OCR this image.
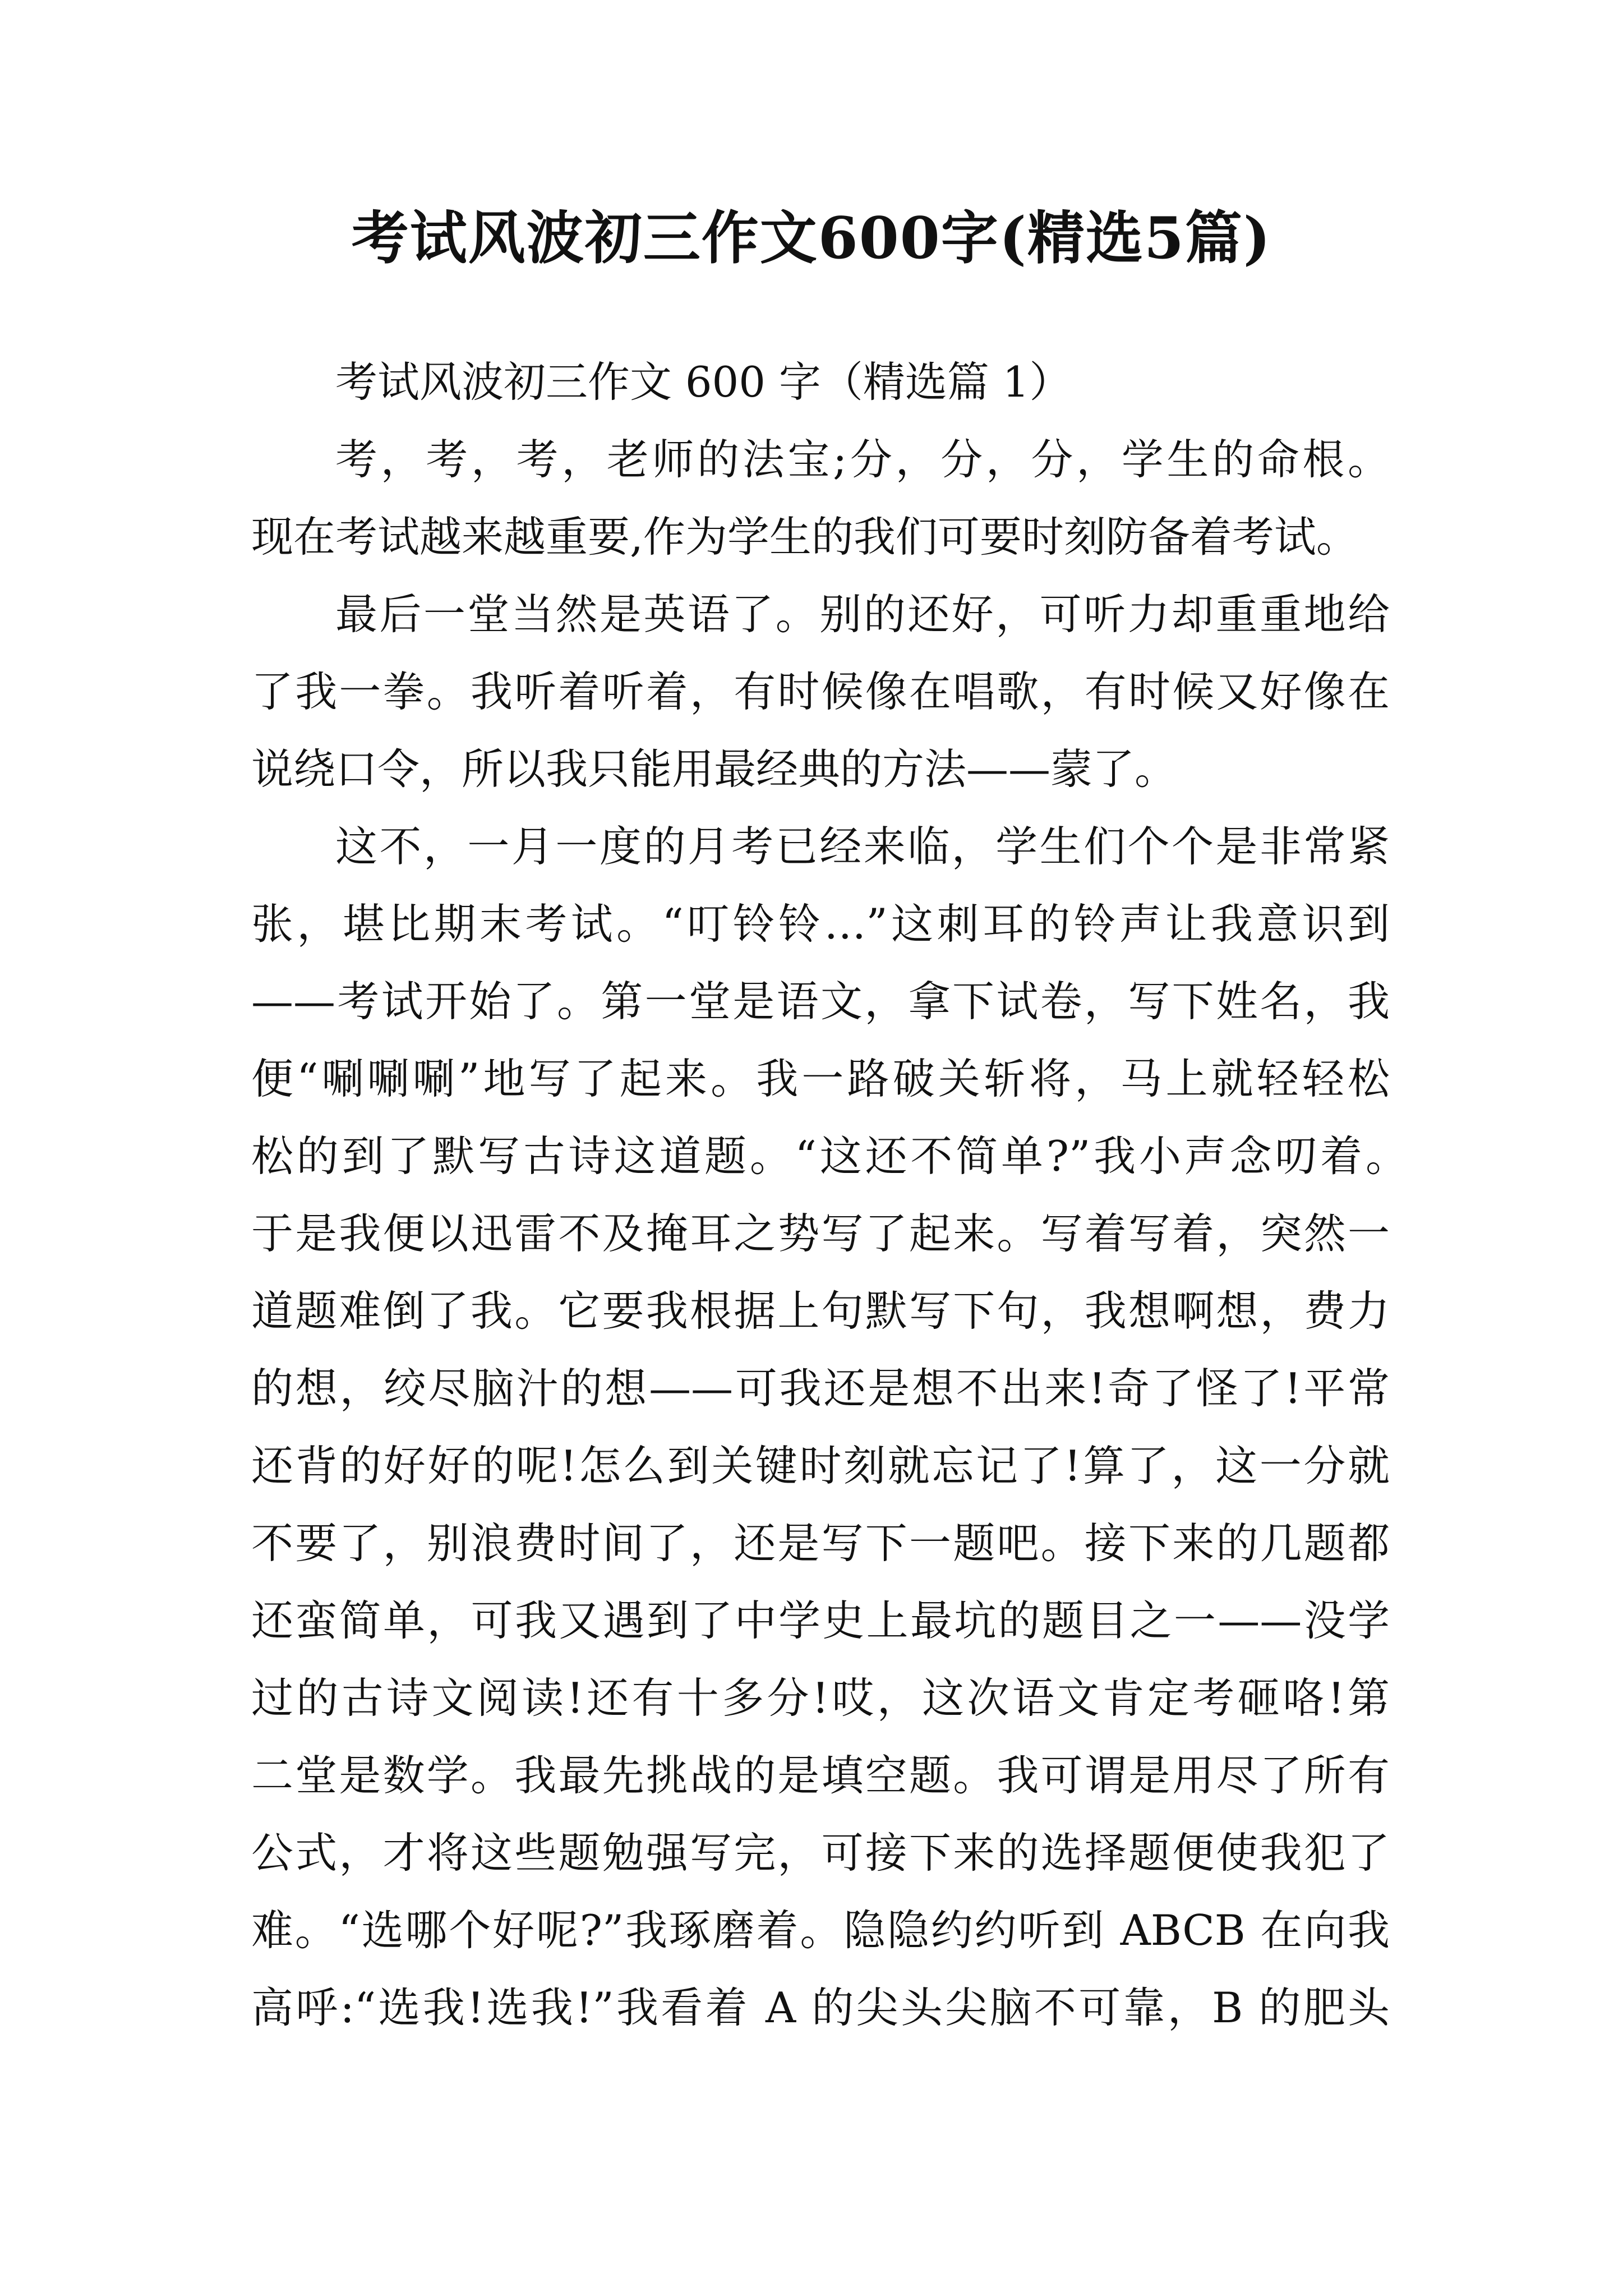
考试风波初三作文600字(精选5篇)
考试风波初三作文 600 字（精选篇 1）
考，考，考，老师的法宝;分，分，分，学生的命根。
现在考试越来越重要,作为学生的我们可要时刻防备着考试。
最后一堂当然是英语了。别的还好，可听力却重重地给
了我一拳。我听着听着，有时候像在唱歌，有时候又好像在
说绕口令，所以我只能用最经典的方法——蒙了。
这不，一月一度的月考已经来临，学生们个个是非常紧
张，堪比期末考试。“叮铃铃…”这刺耳的铃声让我意识到
——考试开始了。第一堂是语文，拿下试卷，写下姓名，我
便“唰唰唰”地写了起来。我一路破关斩将，马上就轻轻松
松的到了默写古诗这道题。“这还不简单?”我小声念叨着。
于是我便以迅雷不及掩耳之势写了起来。写着写着，突然一
道题难倒了我。它要我根据上句默写下句，我想啊想，费力
的想，绞尽脑汁的想——可我还是想不出来!奇了怪了!平常
还背的好好的呢!怎么到关键时刻就忘记了!算了，这一分就
不要了，别浪费时间了，还是写下一题吧。接下来的几题都
还蛮简单，可我又遇到了中学史上最坑的题目之一——没学
过的古诗文阅读!还有十多分!哎，这次语文肯定考砸咯!第
二堂是数学。我最先挑战的是填空题。我可谓是用尽了所有
公式，才将这些题勉强写完，可接下来的选择题便使我犯了
难。“选哪个好呢?”我琢磨着。隐隐约约听到 ABCB 在向我
高呼:“选我!选我!”我看着 A 的尖头尖脑不可靠，B 的肥头
